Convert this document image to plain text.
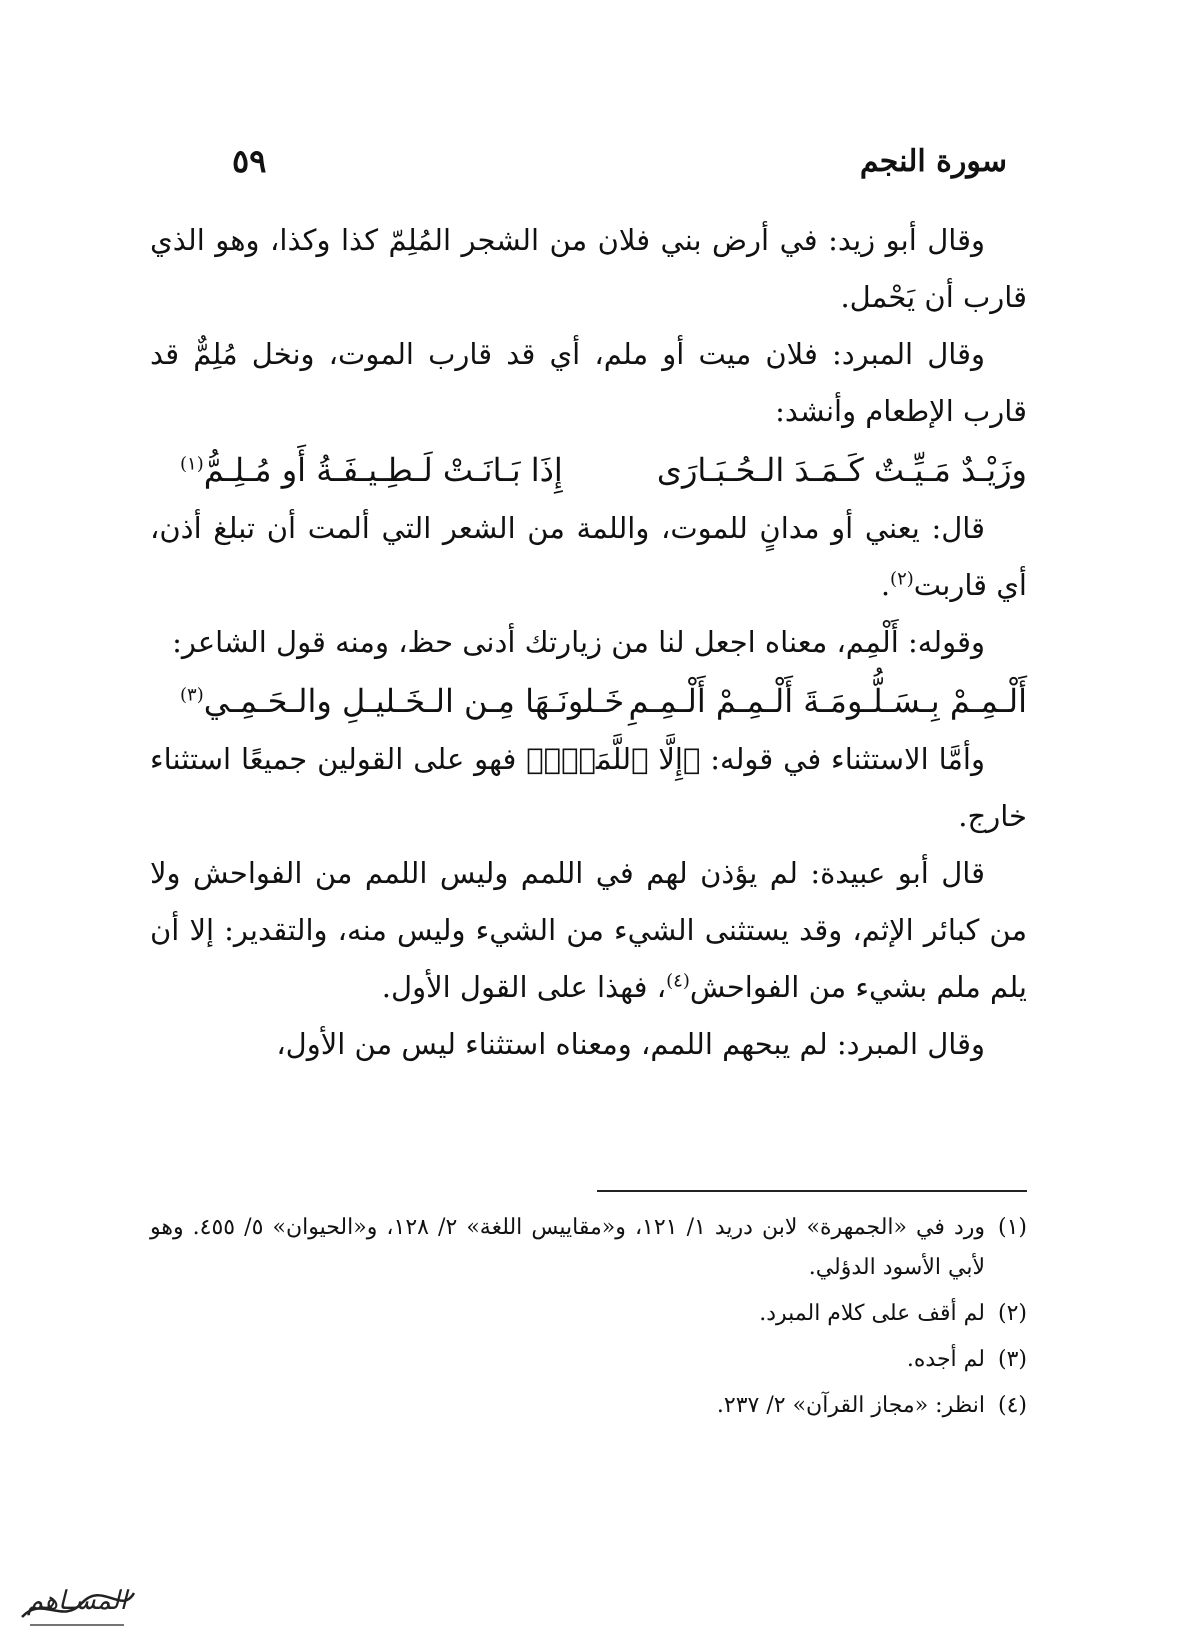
سورة النجم
٥٩

وقال أبو زيد: في أرض بني فلان من الشجر المُلِمّ كذا وكذا، وهو الذي قارب أن يَحْمل.

وقال المبرد: فلان ميت أو ملم، أي قد قارب الموت، ونخل مُلِمٌّ قد قارب الإطعام وأنشد:

وزَيْـدٌ مَـيِّـتٌ كَـمَـدَ الـحُـبَـارَى
إِذَا بَـانَـتْ لَـطِـيـفَـةُ أَو مُـلِـمُّ$^{(١)}$

قال: يعني أو مدانٍ للموت، واللمة من الشعر التي ألمت أن تبلغ أذن، أي قاربت$^{(٢)}$.

وقوله: أَلْمِم، معناه اجعل لنا من زيارتك أدنى حظ، ومنه قول الشاعر:

أَلْـمِـمْ بِـسَـلُّـومَـةَ أَلْـمِـمْ أَلْـمِـمِ
خَـلونَـهَا مِـن الـخَـليـلِ والـحَـمِـي$^{(٣)}$

وأمَّا الاستثناء في قوله: ﴿إِلَّا ٱللَّمَمَۚ﴾ فهو على القولين جميعًا استثناء خارج.

قال أبو عبيدة: لم يؤذن لهم في اللمم وليس اللمم من الفواحش ولا من كبائر الإثم، وقد يستثنى الشيء من الشيء وليس منه، والتقدير: إلا أن يلم ملم بشيء من الفواحش$^{(٤)}$، فهذا على القول الأول.

وقال المبرد: لم يبحهم اللمم، ومعناه استثناء ليس من الأول،

(١)
ورد في «الجمهرة» لابن دريد ١/ ١٢١، و«مقاييس اللغة» ٢/ ١٢٨، و«الحيوان» ٥/ ٤٥٥. وهو لأبي الأسود الدؤلي.
(٢)
لم أقف على كلام المبرد.
(٣)
لم أجده.
(٤)
انظر: «مجاز القرآن» ٢/ ٢٣٧.
المسـاهم
